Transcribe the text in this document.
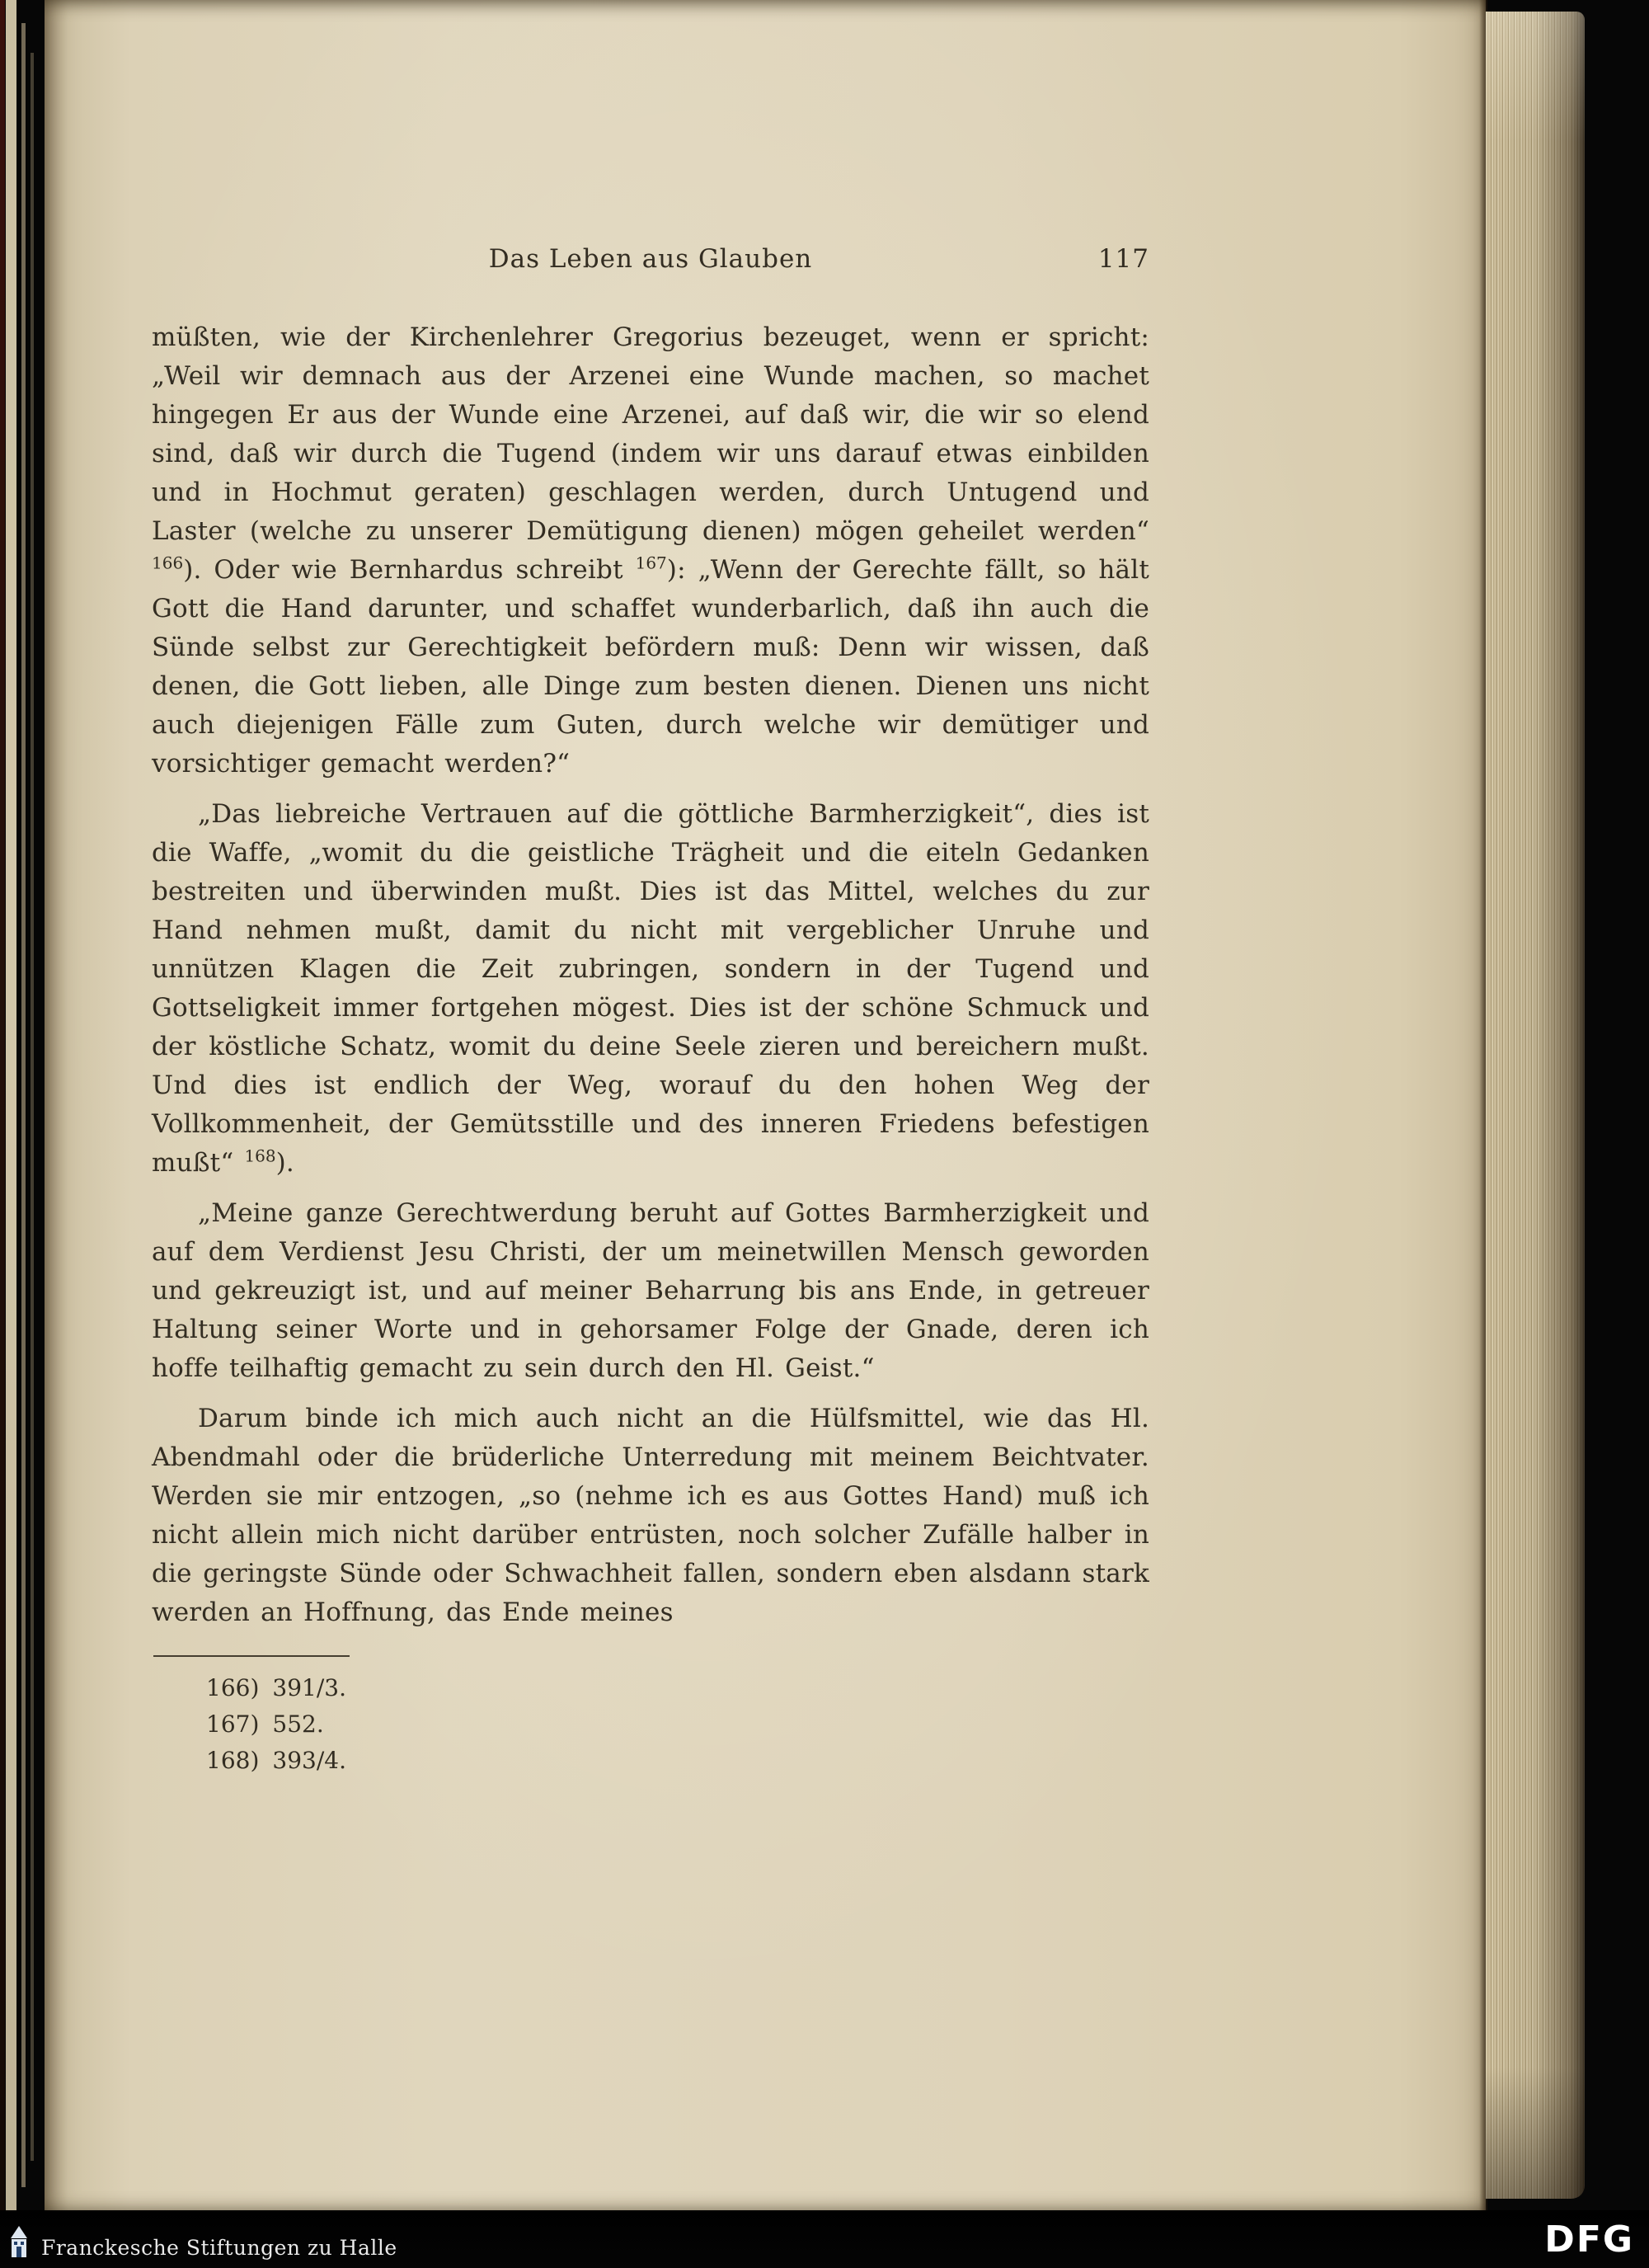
Das Leben aus Glauben	117

müßten, wie der Kirchenlehrer Gregorius bezeuget, wenn er spricht: „Weil wir demnach aus der Arzenei eine Wunde machen, so machet hingegen Er aus der Wunde eine Arzenei, auf daß wir, die wir so elend sind, daß wir durch die Tugend (indem wir uns darauf etwas einbilden und in Hochmut geraten) geschlagen werden, durch Untugend und Laster (welche zu unserer Demütigung dienen) mögen geheilet werden“ $^{166}$). Oder wie Bernhardus schreibt $^{167}$): „Wenn der Gerechte fällt, so hält Gott die Hand darunter, und schaffet wunderbarlich, daß ihn auch die Sünde selbst zur Gerechtigkeit befördern muß: Denn wir wissen, daß denen, die Gott lieben, alle Dinge zum besten dienen. Dienen uns nicht auch diejenigen Fälle zum Guten, durch welche wir demütiger und vorsichtiger gemacht werden?“

„Das liebreiche Vertrauen auf die göttliche Barmherzigkeit“, dies ist die Waffe, „womit du die geistliche Trägheit und die eiteln Gedanken bestreiten und überwinden mußt. Dies ist das Mittel, welches du zur Hand nehmen mußt, damit du nicht mit vergeblicher Unruhe und unnützen Klagen die Zeit zubringen, sondern in der Tugend und Gottseligkeit immer fortgehen mögest. Dies ist der schöne Schmuck und der köstliche Schatz, womit du deine Seele zieren und bereichern mußt. Und dies ist endlich der Weg, worauf du den hohen Weg der Vollkommenheit, der Gemütsstille und des inneren Friedens befestigen mußt“ $^{168}$).

„Meine ganze Gerechtwerdung beruht auf Gottes Barmherzigkeit und auf dem Verdienst Jesu Christi, der um meinetwillen Mensch geworden und gekreuzigt ist, und auf meiner Beharrung bis ans Ende, in getreuer Haltung seiner Worte und in gehorsamer Folge der Gnade, deren ich hoffe teilhaftig gemacht zu sein durch den Hl. Geist.“

Darum binde ich mich auch nicht an die Hülfsmittel, wie das Hl. Abendmahl oder die brüderliche Unterredung mit meinem Beichtvater. Werden sie mir entzogen, „so (nehme ich es aus Gottes Hand) muß ich nicht allein mich nicht darüber entrüsten, noch solcher Zufälle halber in die geringste Sünde oder Schwachheit fallen, sondern eben alsdann stark werden an Hoffnung, das Ende meines

166) 391/3.
167) 552.
168) 393/4.
Franckesche Stiftungen zu Halle	DFG
